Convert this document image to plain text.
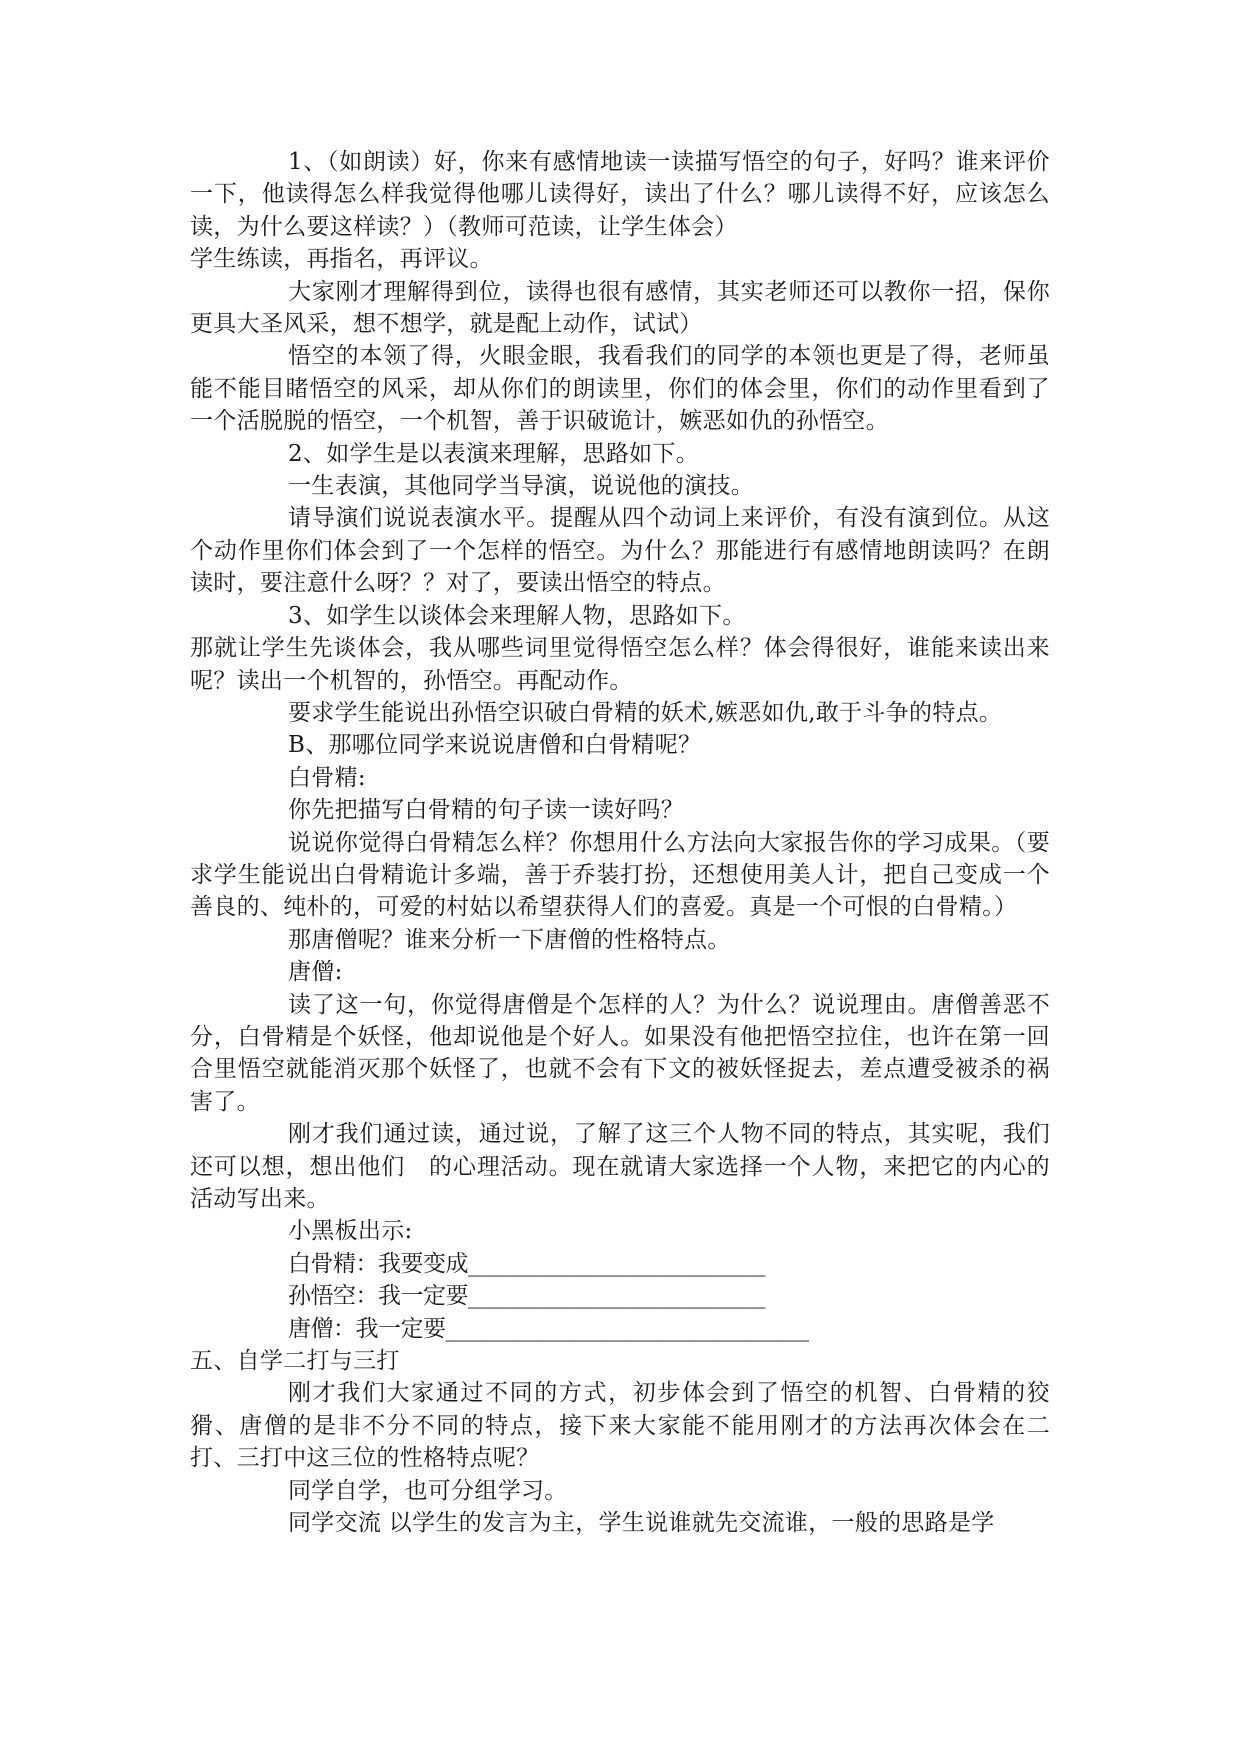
1、（如朗读）好，你来有感情地读一读描写悟空的句子，好吗？谁来评价一下，他读得怎么样我觉得他哪儿读得好，读出了什么？哪儿读得不好，应该怎么读，为什么要这样读？）（教师可范读，让学生体会）

学生练读，再指名，再评议。

大家刚才理解得到位，读得也很有感情，其实老师还可以教你一招，保你更具大圣风采，想不想学，就是配上动作，试试）

悟空的本领了得，火眼金眼，我看我们的同学的本领也更是了得，老师虽能不能目睹悟空的风采，却从你们的朗读里，你们的体会里，你们的动作里看到了一个活脱脱的悟空，一个机智，善于识破诡计，嫉恶如仇的孙悟空。

2、如学生是以表演来理解，思路如下。

一生表演，其他同学当导演，说说他的演技。

请导演们说说表演水平。提醒从四个动词上来评价，有没有演到位。从这个动作里你们体会到了一个怎样的悟空。为什么？那能进行有感情地朗读吗？在朗读时，要注意什么呀？？对了，要读出悟空的特点。

3、如学生以谈体会来理解人物，思路如下。

那就让学生先谈体会，我从哪些词里觉得悟空怎么样？体会得很好，谁能来读出来呢？读出一个机智的，孙悟空。再配动作。

要求学生能说出孙悟空识破白骨精的妖术,嫉恶如仇,敢于斗争的特点。

B、那哪位同学来说说唐僧和白骨精呢？

白骨精:

你先把描写白骨精的句子读一读好吗？

说说你觉得白骨精怎么样？你想用什么方法向大家报告你的学习成果。（要求学生能说出白骨精诡计多端，善于乔装打扮，还想使用美人计，把自己变成一个善良的、纯朴的，可爱的村姑以希望获得人们的喜爱。真是一个可恨的白骨精。）

那唐僧呢？谁来分析一下唐僧的性格特点。

唐僧:

读了这一句，你觉得唐僧是个怎样的人？为什么？说说理由。唐僧善恶不分，白骨精是个妖怪，他却说他是个好人。如果没有他把悟空拉住，也许在第一回合里悟空就能消灭那个妖怪了，也就不会有下文的被妖怪捉去，差点遭受被杀的祸害了。

刚才我们通过读，通过说，了解了这三个人物不同的特点，其实呢，我们还可以想，想出他们　的心理活动。现在就请大家选择一个人物，来把它的内心的活动写出来。

小黑板出示:

白骨精：我要变成___________________________

孙悟空：我一定要___________________________

唐僧：我一定要_________________________________

五、自学二打与三打

刚才我们大家通过不同的方式，初步体会到了悟空的机智、白骨精的狡猾、唐僧的是非不分不同的特点，接下来大家能不能用刚才的方法再次体会在二打、三打中这三位的性格特点呢？

同学自学，也可分组学习。

同学交流 以学生的发言为主，学生说谁就先交流谁，一般的思路是学
